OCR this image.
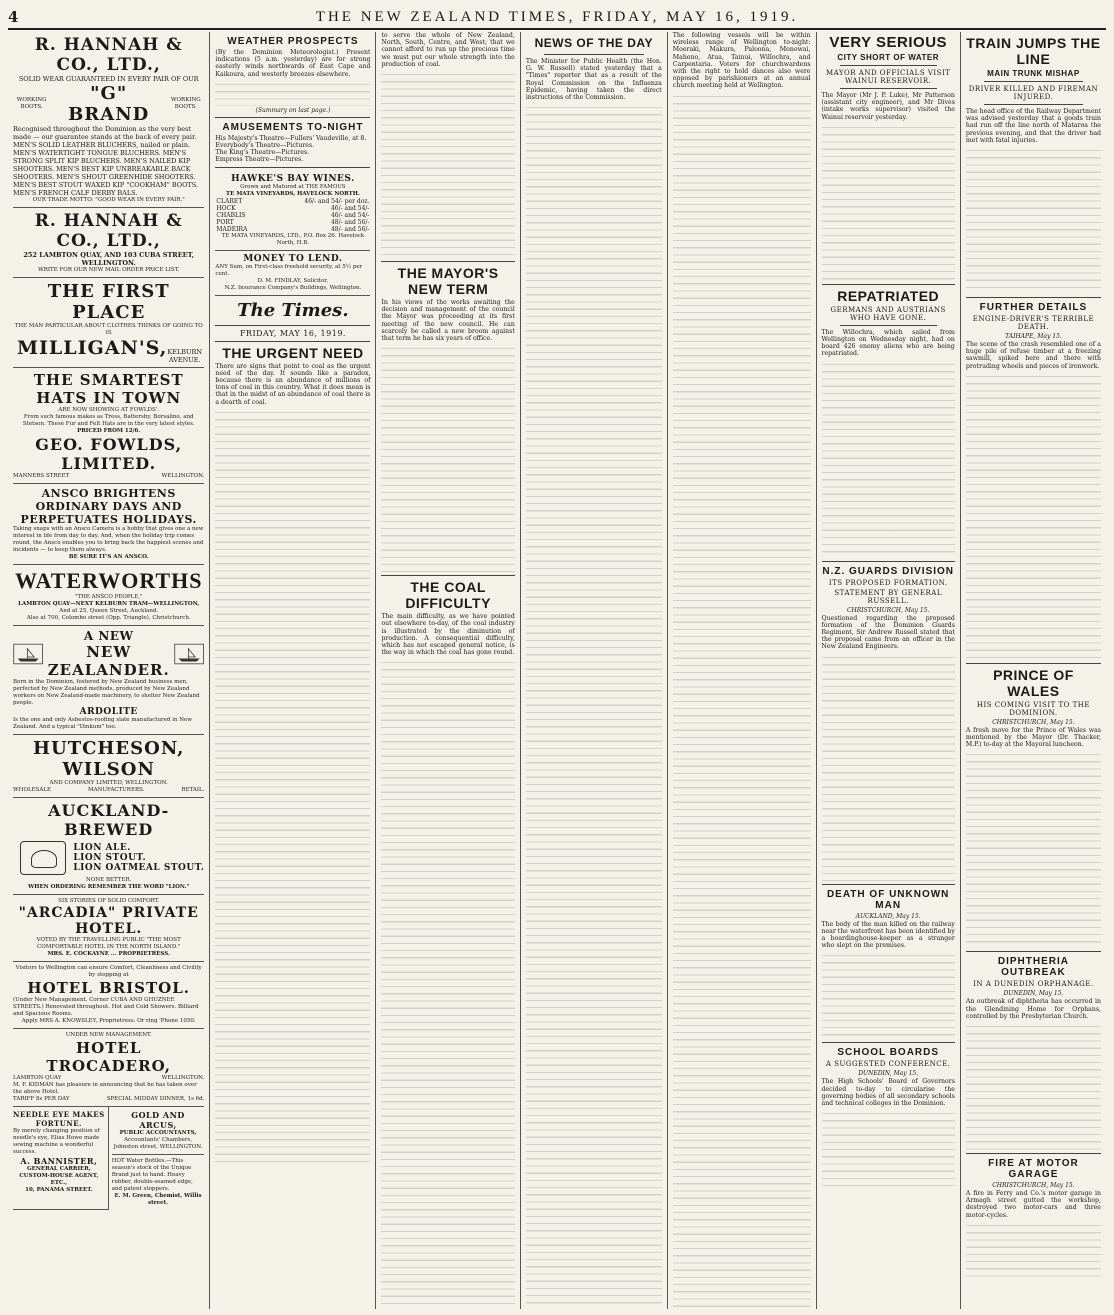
4	THE NEW ZEALAND TIMES, FRIDAY, MAY 16, 1919.
R. HANNAH & CO., LTD.,
SOLID WEAR GUARANTEED IN EVERY PAIR OF OUR
WORKING BOOTS.
"G" BRAND
WORKING BOOTS.
Recognised throughout the Dominion as the very best made — our guarantee stands at the back of every pair. MEN'S SOLID LEATHER BLUCHERS, nailed or plain. MEN'S WATERTIGHT TONGUE BLUCHERS. MEN'S STRONG SPLIT KIP BLUCHERS. MEN'S NAILED KIP SHOOTERS. MEN'S BEST KIP UNBREAKABLE BACK SHOOTERS. MEN'S SHOUT GREENHIDE SHOOTERS. MEN'S BEST STOUT WAXED KIP "COOKHAM" BOOTS. MEN'S FRENCH CALF DERBY BALS.
OUR TRADE MOTTO: "GOOD WEAR IN EVERY PAIR."
R. HANNAH & CO., LTD.,
252 LAMBTON QUAY, AND 103 CUBA STREET, WELLINGTON.
WRITE FOR OUR NEW MAIL ORDER PRICE LIST.
THE FIRST PLACE
THE MAN PARTICULAR ABOUT CLOTHES THINKS OF GOING TO IS
MILLIGAN'S, KELBURN AVENUE.
THE SMARTEST HATS IN TOWN
ARE NOW SHOWING AT FOWLDS'.
From such famous makes as Tress, Battersby, Borsalino, and Stetson. These Fur and Felt Hats are in the very latest styles.
PRICED FROM 12/6.
GEO. FOWLDS, LIMITED.
MANNERS STREET	WELLINGTON.
ANSCO BRIGHTENS ORDINARY DAYS AND PERPETUATES HOLIDAYS.
Taking snaps with an Ansco Camera is a hobby that gives one a new interest in life from day to day. And, when the holiday trip comes round, the Ansco enables you to bring back the happiest scenes and incidents — to keep them always.
BE SURE IT'S AN ANSCO.
WATERWORTHS
"THE ANSCO PEOPLE,"
LAMBTON QUAY—NEXT KELBURN TRAM—WELLINGTON,
And at 25, Queen Street, Auckland.
Also at 700, Colombo street (Opp. Triangle), Christchurch.
A NEW
NEW ZEALANDER.
Born in the Dominion, fostered by New Zealand business men, perfected by New Zealand methods, produced by New Zealand workers on New Zealand-made machinery, to shelter New Zealand people.
ARDOLITE
Is the one and only Asbestos-roofing slate manufactured in New Zealand. And a typical "Dinkum" too.
HUTCHESON, WILSON
AND COMPANY LIMITED, WELLINGTON.
WHOLESALE	MANUFACTURERS.	RETAIL.
AUCKLAND-BREWED
LION ALE.
LION STOUT.
LION OATMEAL STOUT.
NONE BETTER.
WHEN ORDERING REMEMBER THE WORD "LION."
SIX STORIES OF SOLID COMFORT.
"ARCADIA" PRIVATE HOTEL.
VOTED BY THE TRAVELLING PUBLIC "THE MOST COMFORTABLE HOTEL IN THE NORTH ISLAND."
MRS. E. COCKAYNE ... PROPRIETRESS.
Visitors to Wellington can ensure Comfort, Cleanliness and Civility by stopping at
HOTEL BRISTOL.
(Under New Management. Corner CUBA AND GHUZNEE STREETS.) Renovated throughout. Hot and Cold Showers. Billiard and Spacious Rooms.
Apply MRS A. KNOWSLEY, Proprietress. Or ring 'Phone 1050.
UNDER NEW MANAGEMENT.
HOTEL TROCADERO,
LAMBTON QUAY	WELLINGTON.
M. F. KIDMAN has pleasure in announcing that he has taken over the above Hotel.
TARIFF 8s PER DAY	SPECIAL MIDDAY DINNER, 1s 6d.
NEEDLE EYE MAKES FORTUNE.
By merely changing position of needle's eye, Elias Howe made sewing machine a wonderful success.
A. BANNISTER,
GENERAL CARRIER, CUSTOM-HOUSE AGENT, ETC.,
10, PANAMA STREET.
GOLD AND ARCUS,
PUBLIC ACCOUNTANTS,
Accountants' Chambers, Johnston street, WELLINGTON.
HOT Water Bottles.—This season's stock of the Unique Brand just to hand. Heavy rubber, double-seamed edge, and patent stoppers.
E. M. Green, Chemist, Willis street.
WEATHER PROSPECTS
(By the Dominion Meteorologist.) Present indications (5 a.m. yesterday) are for strong easterly winds northwards of East Cape and Kaikoura, and westerly breezes elsewhere.
(Summary on last page.)
AMUSEMENTS TO-NIGHT
His Majesty's Theatre—Fullers' Vaudeville, at 8.
Everybody's Theatre—Pictures.
The King's Theatre—Pictures.
Empress Theatre—Pictures.
HAWKE'S BAY WINES.
Grown and Matured at THE FAMOUS
TE MATA VINEYARDS, HAVELOCK NORTH.
CLARET	46/- and 54/- per doz.
HOCK	46/- and 54/-
CHABLIS	46/- and 54/-
PORT	48/- and 56/-
MADEIRA	48/- and 56/-
TE MATA VINEYARDS, LTD., P.O. Box 26. Havelock North, H.B.
MONEY TO LEND.
ANY Sum, on First-class freehold security, at 5½ per cent.
D. M. FINDLAY, Solicitor,
N.Z. Insurance Company's Buildings, Wellington.
The Times.
FRIDAY, MAY 16, 1919.
THE URGENT NEED
There are signs that point to coal as the urgent need of the day. It sounds like a paradox, because there is an abundance of millions of tons of coal in this country. What it does mean is that in the midst of an abundance of coal there is a dearth of coal.
to serve the whole of New Zealand, North, South, Centre, and West; that we cannot afford to run up the precious time we must put our whole strength into the production of coal.
THE MAYOR'S NEW TERM
In his views of the works awaiting the decision and management of the council the Mayor was proceeding at its first meeting of the new council. He can scarcely be called a new broom against that term he has six years of office.
THE COAL DIFFICULTY
The main difficulty, as we have pointed out elsewhere to-day, of the coal industry is illustrated by the diminution of production. A consequential difficulty, which has not escaped general notice, is the way in which the coal has gone round.
NEWS OF THE DAY
The Minister for Public Health (the Hon. G. W. Russell) stated yesterday that a "Times" reporter that as a result of the Royal Commission on the Influenza Epidemic, having taken the direct instructions of the Commission.
The following vessels will be within wireless range of Wellington to-night: Moeraki, Makura, Paloona, Monowai, Maheno, Atua, Tainui, Willochra, and Carpentaria. Voters for churchwardens with the right to hold dances also were opposed by parishioners at an annual church meeting held at Wellington.
VERY SERIOUS
CITY SHORT OF WATER
MAYOR AND OFFICIALS VISIT WAINUI RESERVOIR.
The Mayor (Mr J. P. Luke), Mr Patterson (assistant city engineer), and Mr Dives (intake works supervisor) visited the Wainui reservoir yesterday.
REPATRIATED
GERMANS AND AUSTRIANS WHO HAVE GONE.
The Willochra, which sailed from Wellington on Wednesday night, had on board 426 enemy aliens who are being repatriated.
N.Z. GUARDS DIVISION
ITS PROPOSED FORMATION.
STATEMENT BY GENERAL RUSSELL.
CHRISTCHURCH, May 15.
Questioned regarding the proposed formation of the Dominion Guards Regiment, Sir Andrew Russell stated that the proposal came from an officer in the New Zealand Engineers.
DEATH OF UNKNOWN MAN
AUCKLAND, May 15.
The body of the man killed on the railway near the waterfront has been identified by a boardinghouse-keeper as a stranger who slept on the premises.
SCHOOL BOARDS
A SUGGESTED CONFERENCE.
DUNEDIN, May 15.
The High Schools' Board of Governors decided to-day to circularise the governing bodies of all secondary schools and technical colleges in the Dominion.
TRAIN JUMPS THE LINE
MAIN TRUNK MISHAP
DRIVER KILLED AND FIREMAN INJURED.
The head office of the Railway Department was advised yesterday that a goods train had run off the line north of Mataroa the previous evening, and that the driver had met with fatal injuries.
FURTHER DETAILS
ENGINE-DRIVER'S TERRIBLE DEATH.
TAIHAPE, May 15.
The scene of the crash resembled one of a huge pile of refuse timber at a freezing sawmill, spiked here and there with protruding wheels and pieces of ironwork.
PRINCE OF WALES
HIS COMING VISIT TO THE DOMINION.
CHRISTCHURCH, May 15.
A fresh move for the Prince of Wales was mentioned by the Mayor (Dr. Thacker, M.P.) to-day at the Mayoral luncheon.
DIPHTHERIA OUTBREAK
IN A DUNEDIN ORPHANAGE.
DUNEDIN, May 15.
An outbreak of diphtheria has occurred in the Glendining Home for Orphans, controlled by the Presbyterian Church.
FIRE AT MOTOR GARAGE
CHRISTCHURCH, May 15.
A fire in Ferry and Co.'s motor garage in Armagh street gutted the workshop, destroyed two motor-cars and three motor-cycles.
